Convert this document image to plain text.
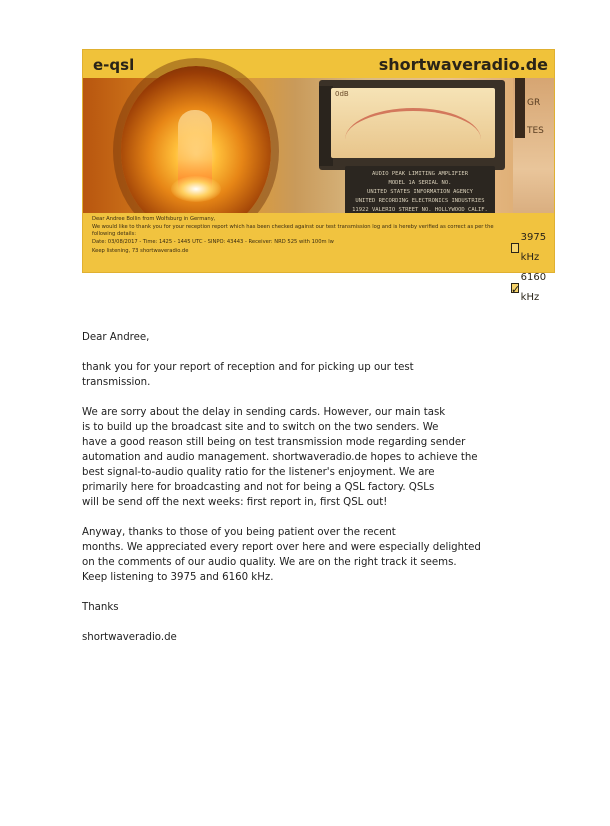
e-qsl	shortwaveradio.de
0dB
AUDIO PEAK LIMITING AMPLIFIER
MODEL 1A SERIAL NO.
UNITED STATES INFORMATION AGENCY
UNITED RECORDING ELECTRONICS INDUSTRIES
11922 VALERIO STREET NO. HOLLYWOOD CALIF.
GR
TES

Dear Andree Bollin from Wolfsburg in Germany,

We would like to thank you for your reception report which has been checked against our test transmission log and is hereby verified as correct as per the following details:

Date: 03/08/2017 - Time: 1425 - 1445 UTC - SINPO: 43443 - Receiver: NRD 525 with 100m lw

Keep listening, 73 shortwaveradio.de

3975 kHz
✓
6160 kHz

Dear Andree,

thank you for your report of reception and for picking up our test
transmission.

We are sorry about the delay in sending cards. However, our main task
is to build up the broadcast site and to switch on the two senders. We
have a good reason still being on test transmission mode regarding sender
automation and audio management. shortwaveradio.de hopes to achieve the
best signal-to-audio quality ratio for the listener's enjoyment. We are
primarily here for broadcasting and not for being a QSL factory. QSLs
will be send off the next weeks: first report in, first QSL out!

Anyway, thanks to those of you being patient over the recent
months. We appreciated every report over here and were especially delighted
on the comments of our audio quality. We are on the right track it seems.
Keep listening to 3975 and 6160 kHz.

Thanks

shortwaveradio.de
